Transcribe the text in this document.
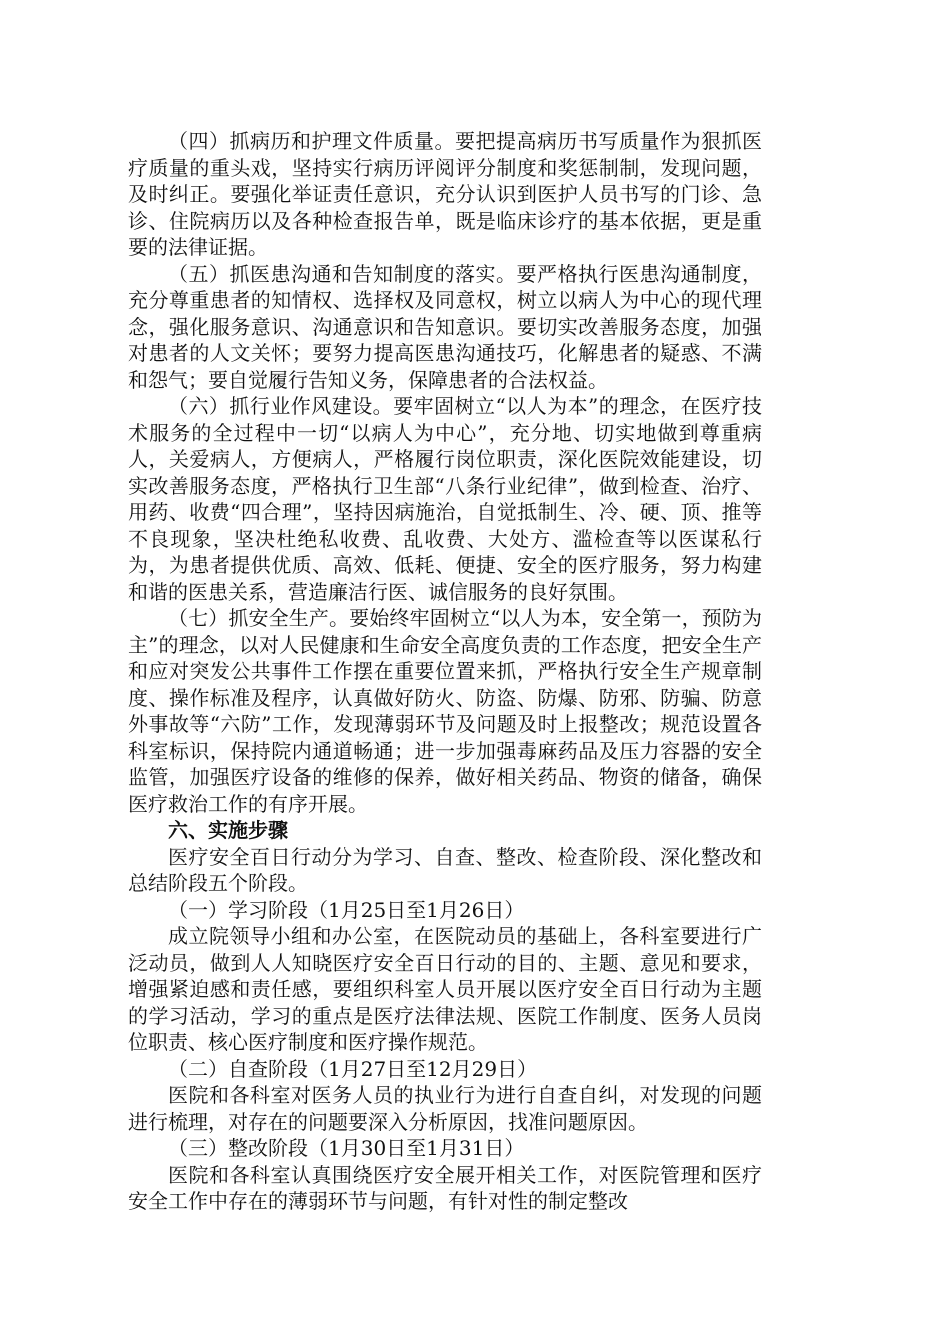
（四）抓病历和护理文件质量。要把提高病历书写质量作为狠抓医疗质量的重头戏，坚持实行病历评阅评分制度和奖惩制制，发现问题，及时纠正。要强化举证责任意识，充分认识到医护人员书写的门诊、急诊、住院病历以及各种检查报告单，既是临床诊疗的基本依据，更是重要的法律证据。

（五）抓医患沟通和告知制度的落实。要严格执行医患沟通制度，充分尊重患者的知情权、选择权及同意权，树立以病人为中心的现代理念，强化服务意识、沟通意识和告知意识。要切实改善服务态度，加强对患者的人文关怀；要努力提高医患沟通技巧，化解患者的疑惑、不满和怨气；要自觉履行告知义务，保障患者的合法权益。

（六）抓行业作风建设。要牢固树立“以人为本”的理念，在医疗技术服务的全过程中一切“以病人为中心”，充分地、切实地做到尊重病人，关爱病人，方便病人，严格履行岗位职责，深化医院效能建设，切实改善服务态度，严格执行卫生部“八条行业纪律”，做到检查、治疗、用药、收费“四合理”，坚持因病施治，自觉抵制生、冷、硬、顶、推等不良现象，坚决杜绝私收费、乱收费、大处方、滥检查等以医谋私行为，为患者提供优质、高效、低耗、便捷、安全的医疗服务，努力构建和谐的医患关系，营造廉洁行医、诚信服务的良好氛围。

（七）抓安全生产。要始终牢固树立“以人为本，安全第一，预防为主”的理念，以对人民健康和生命安全高度负责的工作态度，把安全生产和应对突发公共事件工作摆在重要位置来抓，严格执行安全生产规章制度、操作标准及程序，认真做好防火、防盗、防爆、防邪、防骗、防意外事故等“六防”工作，发现薄弱环节及问题及时上报整改；规范设置各科室标识，保持院内通道畅通；进一步加强毒麻药品及压力容器的安全监管，加强医疗设备的维修的保养，做好相关药品、物资的储备，确保医疗救治工作的有序开展。

六、实施步骤

医疗安全百日行动分为学习、自查、整改、检查阶段、深化整改和总结阶段五个阶段。

（一）学习阶段（1月25日至1月26日）

成立院领导小组和办公室，在医院动员的基础上，各科室要进行广泛动员，做到人人知晓医疗安全百日行动的目的、主题、意见和要求，增强紧迫感和责任感，要组织科室人员开展以医疗安全百日行动为主题的学习活动，学习的重点是医疗法律法规、医院工作制度、医务人员岗位职责、核心医疗制度和医疗操作规范。

（二）自查阶段（1月27日至12月29日）

医院和各科室对医务人员的执业行为进行自查自纠，对发现的问题进行梳理，对存在的问题要深入分析原因，找准问题原因。

（三）整改阶段（1月30日至1月31日）

医院和各科室认真围绕医疗安全展开相关工作，对医院管理和医疗安全工作中存在的薄弱环节与问题，有针对性的制定整改
